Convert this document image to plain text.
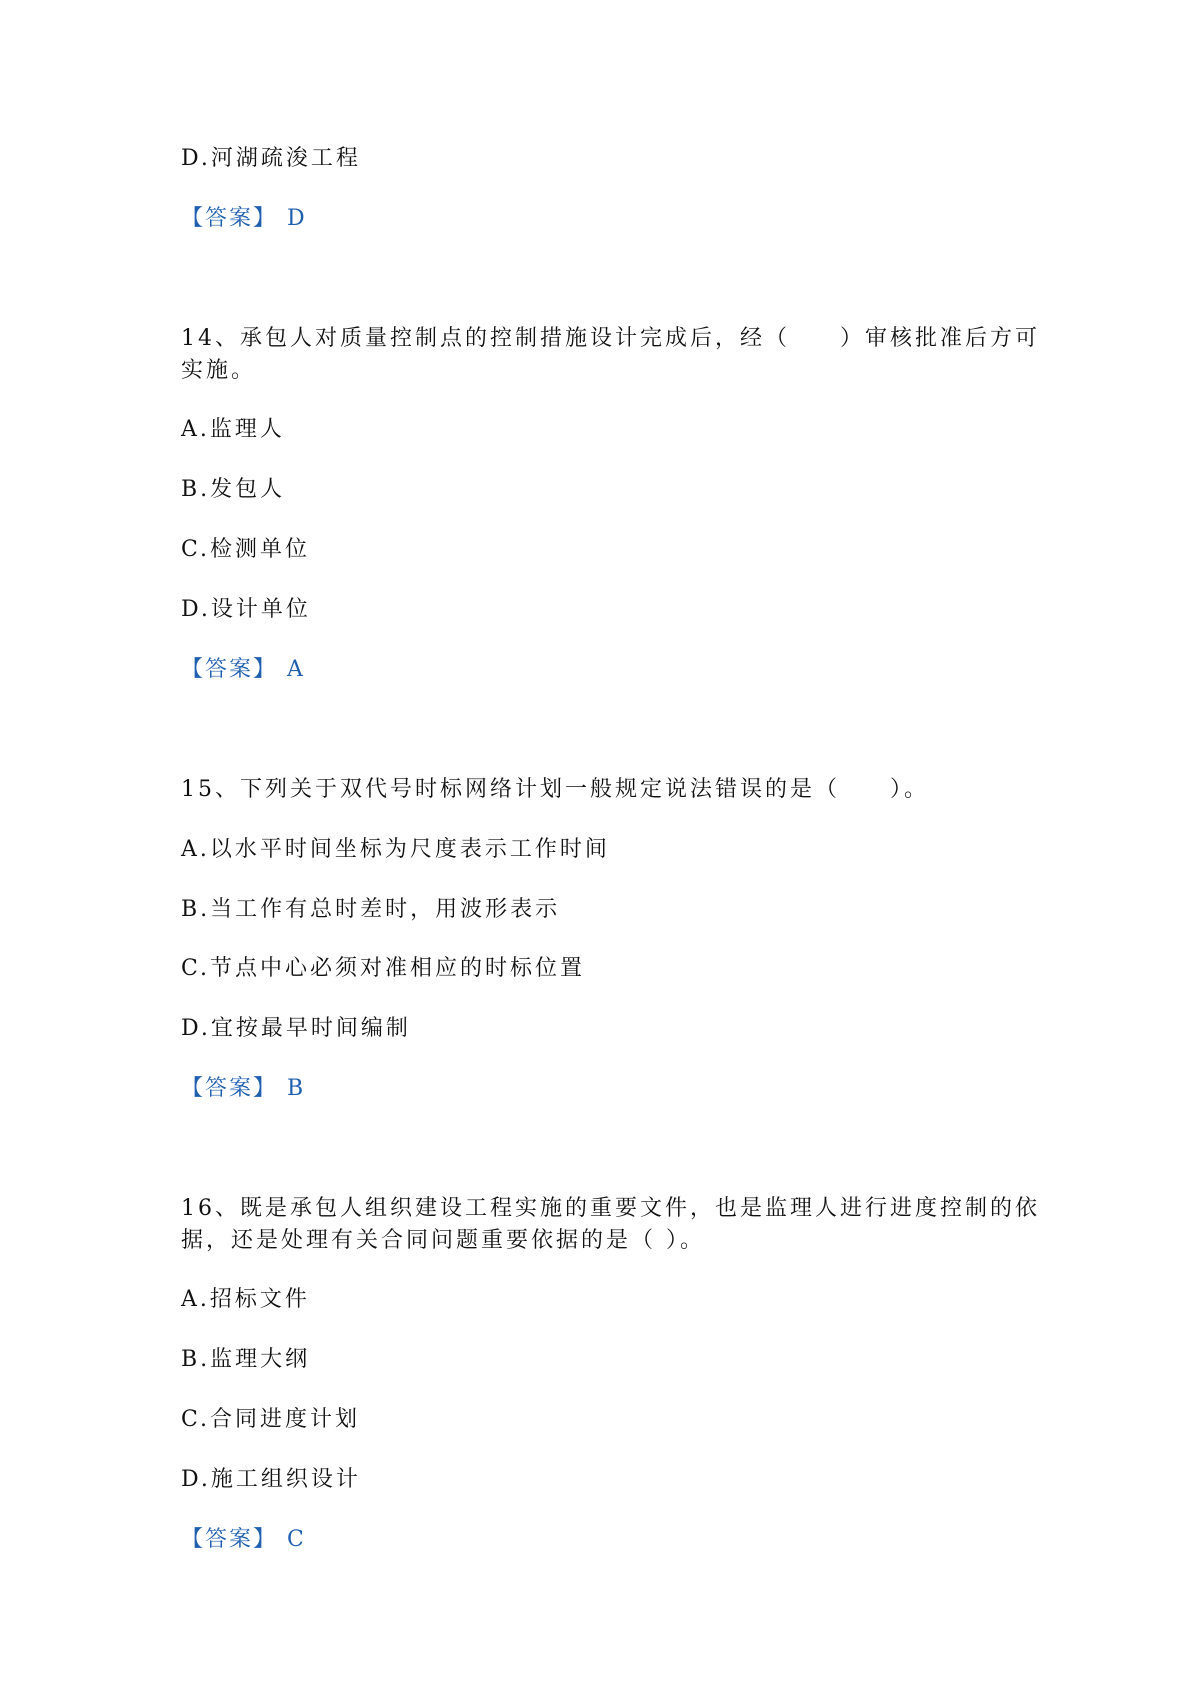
D.河湖疏浚工程
【答案】 D
14、承包人对质量控制点的控制措施设计完成后，经（　　）审核批准后方可
实施。
A.监理人
B.发包人
C.检测单位
D.设计单位
【答案】 A
15、下列关于双代号时标网络计划一般规定说法错误的是（　　）。
A.以水平时间坐标为尺度表示工作时间
B.当工作有总时差时，用波形表示
C.节点中心必须对准相应的时标位置
D.宜按最早时间编制
【答案】 B
16、既是承包人组织建设工程实施的重要文件，也是监理人进行进度控制的依
据，还是处理有关合同问题重要依据的是（ ）。
A.招标文件
B.监理大纲
C.合同进度计划
D.施工组织设计
【答案】 C
